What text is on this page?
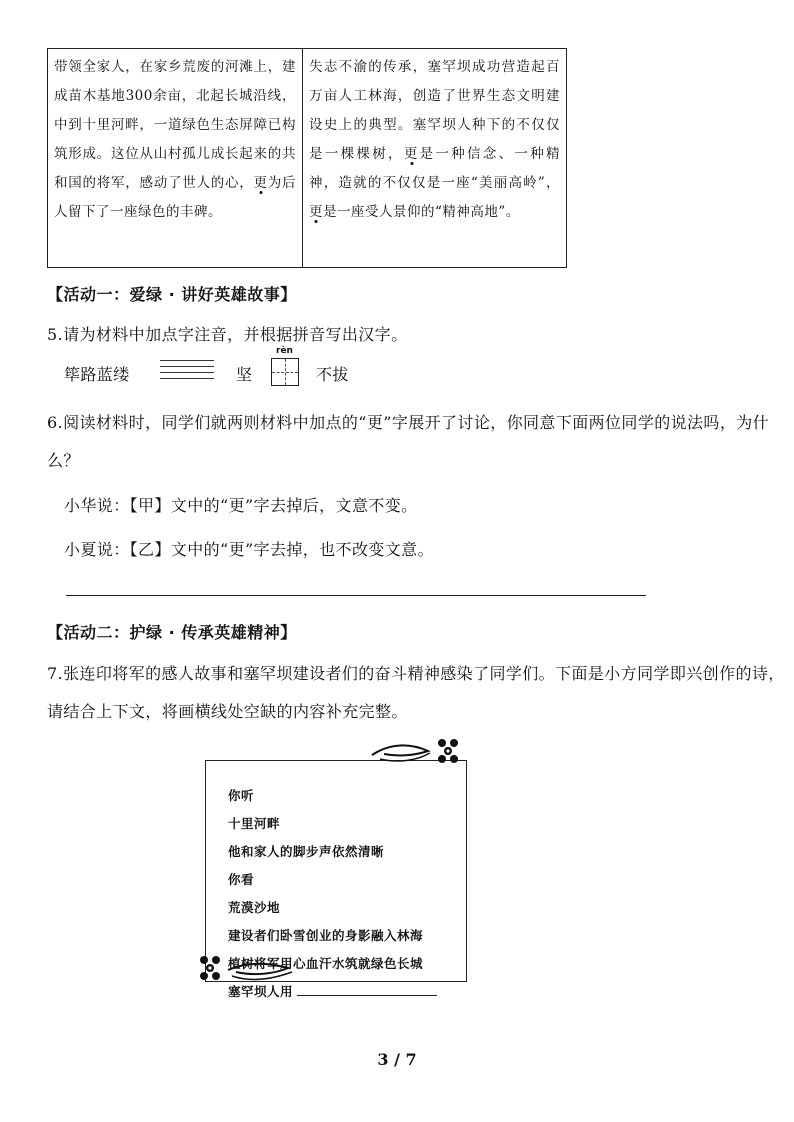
带领全家人，在家乡荒废的河滩上，建成苗木基地300余亩，北起长城沿线，中到十里河畔，一道绿色生态屏障已构筑形成。这位从山村孤儿成长起来的共和国的将军，感动了世人的心，更为后人留下了一座绿色的丰碑。
失志不渝的传承，塞罕坝成功营造起百万亩人工林海，创造了世界生态文明建设史上的典型。塞罕坝人种下的不仅仅是一棵棵树，更是一种信念、一种精神，造就的不仅仅是一座“美丽高岭”，更是一座受人景仰的“精神高地”。
【活动一：爱绿 · 讲好英雄故事】
5.请为材料中加点字注音，并根据拼音写出汉字。
筚路蓝缕	坚
rèn
不拔
6.阅读材料时，同学们就两则材料中加点的“更”字展开了讨论，你同意下面两位同学的说法吗，为什么？
小华说：【甲】文中的“更”字去掉后，文意不变。
小夏说：【乙】文中的“更”字去掉，也不改变文意。
【活动二：护绿 · 传承英雄精神】
7.张连印将军的感人故事和塞罕坝建设者们的奋斗精神感染了同学们。下面是小方同学即兴创作的诗，请结合上下文，将画横线处空缺的内容补充完整。
你听
十里河畔
他和家人的脚步声依然清晰
你看
荒漠沙地
建设者们卧雪创业的身影融入林海
植树将军用心血汗水筑就绿色长城
塞罕坝人用
3 / 7
